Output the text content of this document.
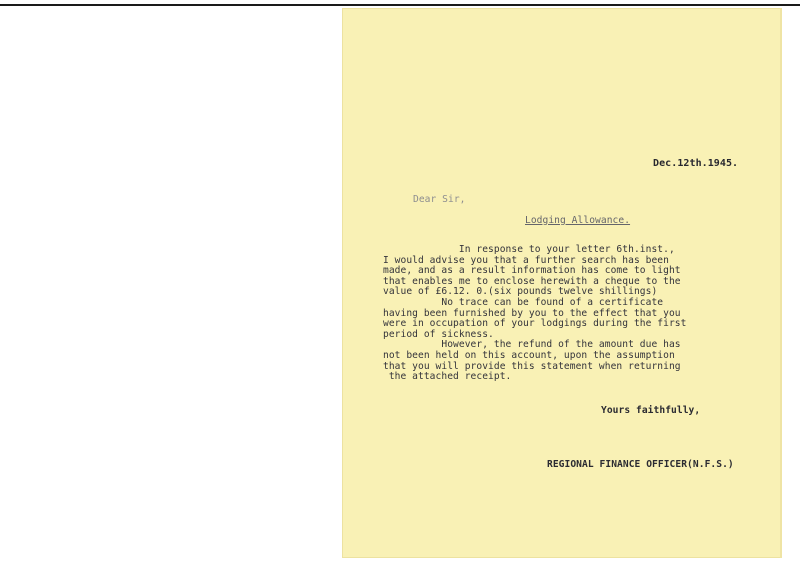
Dec.12th.1945.
Dear Sir,
Lodging Allowance.
In response to your letter 6th.inst.,
I would advise you that a further search has been
made, and as a result information has come to light
that enables me to enclose herewith a cheque to the
value of £6.12. 0.(six pounds twelve shillings)
No trace can be found of a certificate
having been furnished by you to the effect that you
were in occupation of your lodgings during the first
period of sickness.
However, the refund of the amount due has
not been held on this account, upon the assumption
that you will provide this statement when returning
the attached receipt.
Yours faithfully,
REGIONAL FINANCE OFFICER(N.F.S.)
